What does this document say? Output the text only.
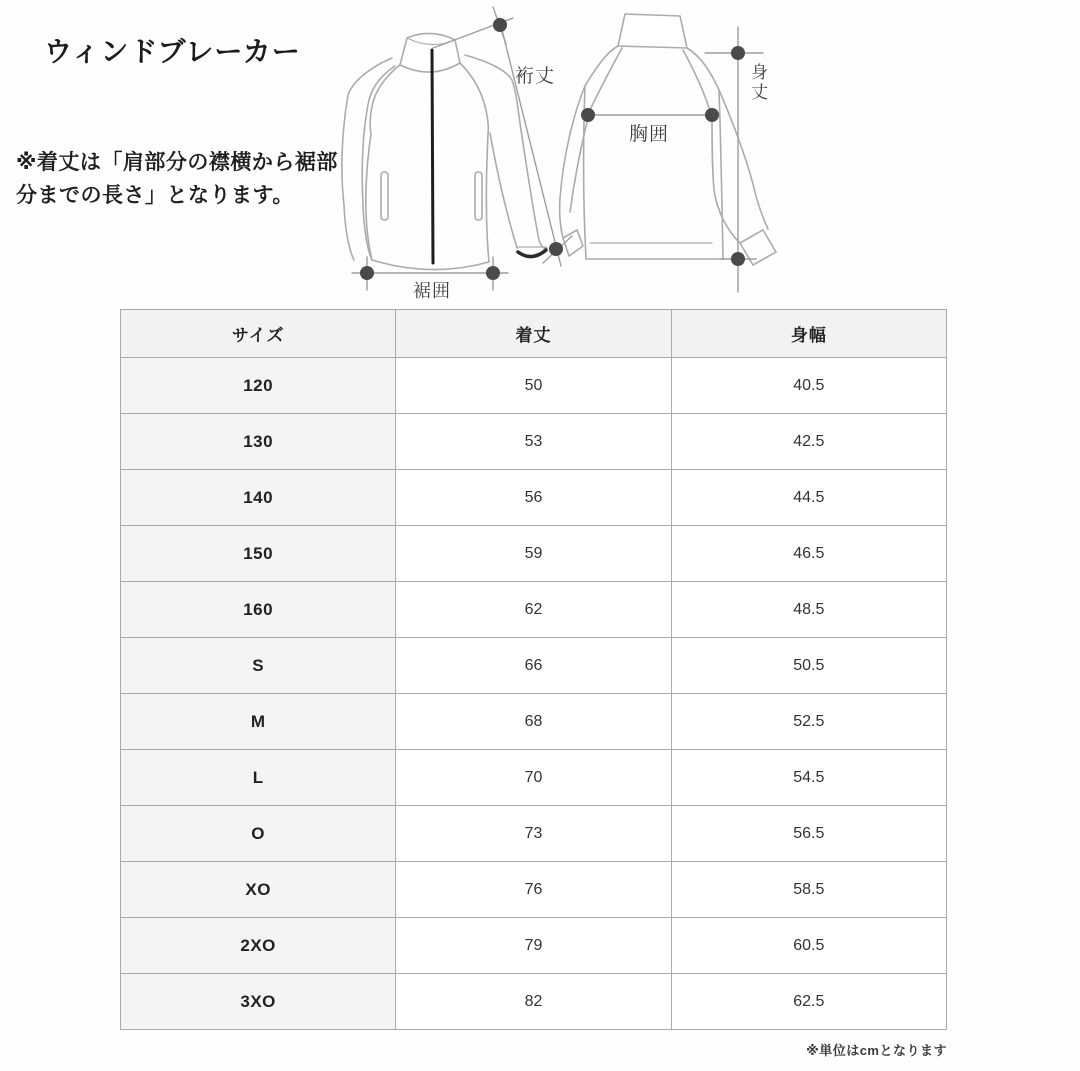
ウィンドブレーカー
※着丈は「肩部分の襟横から裾部
分までの長さ」となります。
裄丈
裾囲
胸囲
身丈
サイズ	着丈	身幅
120	50	40.5
130	53	42.5
140	56	44.5
150	59	46.5
160	62	48.5
S	66	50.5
M	68	52.5
L	70	54.5
O	73	56.5
XO	76	58.5
2XO	79	60.5
3XO	82	62.5
※単位はcmとなります
